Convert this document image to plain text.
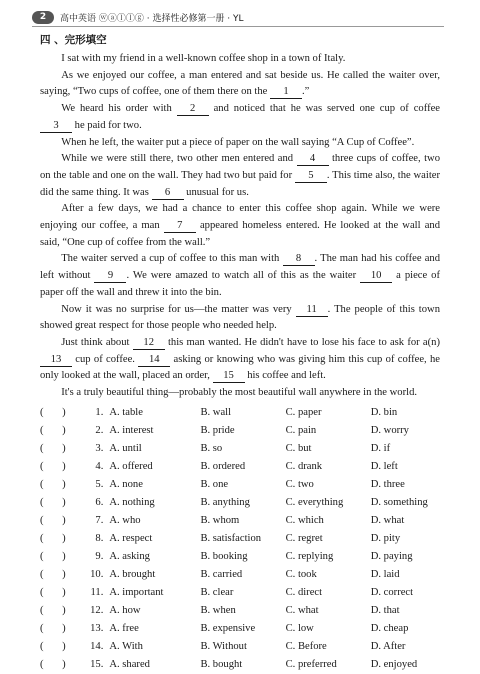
2	高中英语 ⓦⓐⓛⓛⓖ · 选择性必修第一册 · YL
四 、完形填空

I sat with my friend in a well-known coffee shop in a town of Italy.

As we enjoyed our coffee, a man entered and sat beside us. He called the waiter over, saying, “Two cups of coffee, one of them there on the 1 .”

We heard his order with 2 and noticed that he was served one cup of coffee 3 he paid for two.

When he left, the waiter put a piece of paper on the wall saying “A Cup of Coffee”.

While we were still there, two other men entered and 4 three cups of coffee, two on the table and one on the wall. They had two but paid for 5 . This time also, the waiter did the same thing. It was 6 unusual for us.

After a few days, we had a chance to enter this coffee shop again. While we were enjoying our coffee, a man 7 appeared homeless entered. He looked at the wall and said, “One cup of coffee from the wall.”

The waiter served a cup of coffee to this man with 8 . The man had his coffee and left without 9 . We were amazed to watch all of this as the waiter 10 a piece of paper off the wall and threw it into the bin.

Now it was no surprise for us—the matter was very 11 . The people of this town showed great respect for those people who needed help.

Just think about 12 this man wanted. He didn't have to lose his face to ask for a(n) 13 cup of coffee. 14 asking or knowing who was giving him this cup of coffee, he only looked at the wall, placed an order, 15 his coffee and left.

It's a truly beautiful thing—probably the most beautiful wall anywhere in the world.

(       )	1. A. table	B. wall	C. paper	D. bin
(       )	2. A. interest	B. pride	C. pain	D. worry
(       )	3. A. until	B. so	C. but	D. if
(       )	4. A. offered	B. ordered	C. drank	D. left
(       )	5. A. none	B. one	C. two	D. three
(       )	6. A. nothing	B. anything	C. everything	D. something
(       )	7. A. who	B. whom	C. which	D. what
(       )	8. A. respect	B. satisfaction	C. regret	D. pity
(       )	9. A. asking	B. booking	C. replying	D. paying
(       )	10. A. brought	B. carried	C. took	D. laid
(       )	11. A. important	B. clear	C. direct	D. correct
(       )	12. A. how	B. when	C. what	D. that
(       )	13. A. free	B. expensive	C. low	D. cheap
(       )	14. A. With	B. Without	C. Before	D. After
(       )	15. A. shared	B. bought	C. preferred	D. enjoyed
